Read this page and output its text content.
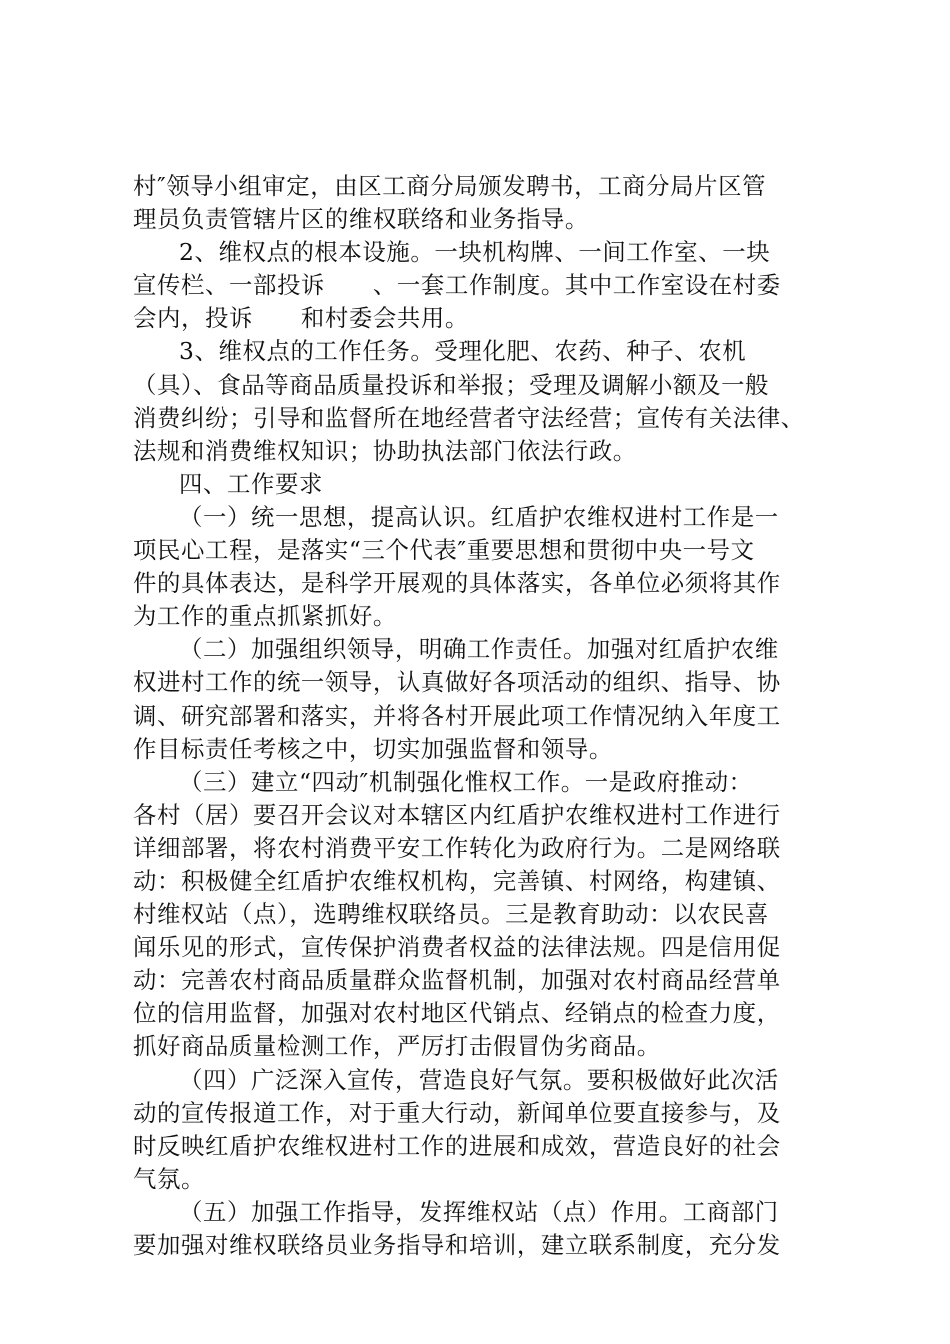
村″领导小组审定，由区工商分局颁发聘书，工商分局片区管
理员负责管辖片区的维权联络和业务指导。
2、维权点的根本设施。一块机构牌、一间工作室、一块
宣传栏、一部投诉　　、一套工作制度。其中工作室设在村委
会内，投诉　　和村委会共用。
3、维权点的工作任务。受理化肥、农药、种子、农机
（具）、食品等商品质量投诉和举报；受理及调解小额及一般
消费纠纷；引导和监督所在地经营者守法经营；宣传有关法律、
法规和消费维权知识；协助执法部门依法行政。
四、工作要求
（一）统一思想，提高认识。红盾护农维权进村工作是一
项民心工程，是落实“三个代表″重要思想和贯彻中央一号文
件的具体表达，是科学开展观的具体落实，各单位必须将其作
为工作的重点抓紧抓好。
（二）加强组织领导，明确工作责任。加强对红盾护农维
权进村工作的统一领导，认真做好各项活动的组织、指导、协
调、研究部署和落实，并将各村开展此项工作情况纳入年度工
作目标责任考核之中，切实加强监督和领导。
（三）建立“四动″机制强化惟权工作。一是政府推动：
各村（居）要召开会议对本辖区内红盾护农维权进村工作进行
详细部署，将农村消费平安工作转化为政府行为。二是网络联
动：积极健全红盾护农维权机构，完善镇、村网络，构建镇、
村维权站（点），选聘维权联络员。三是教育助动：以农民喜
闻乐见的形式，宣传保护消费者权益的法律法规。四是信用促
动：完善农村商品质量群众监督机制，加强对农村商品经营单
位的信用监督，加强对农村地区代销点、经销点的检查力度，
抓好商品质量检测工作，严厉打击假冒伪劣商品。
（四）广泛深入宣传，营造良好气氛。要积极做好此次活
动的宣传报道工作，对于重大行动，新闻单位要直接参与，及
时反映红盾护农维权进村工作的进展和成效，营造良好的社会
气氛。
（五）加强工作指导，发挥维权站（点）作用。工商部门
要加强对维权联络员业务指导和培训，建立联系制度，充分发
